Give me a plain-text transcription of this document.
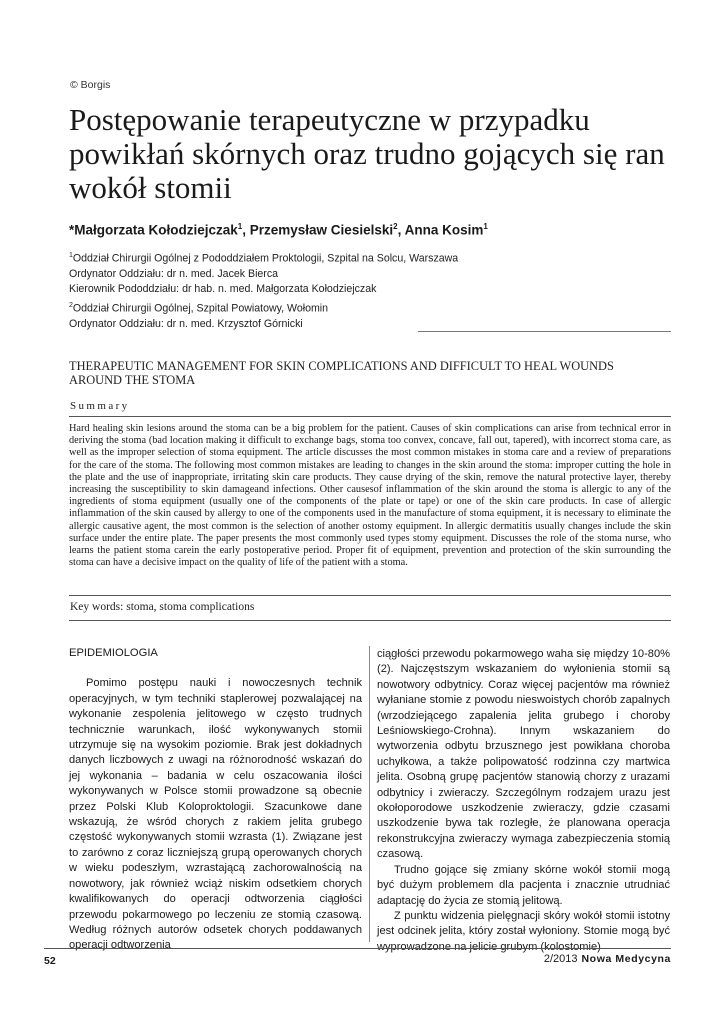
© Borgis
Postępowanie terapeutyczne w przypadku powikłań skórnych oraz trudno gojących się ran wokół stomii
*Małgorzata Kołodziejczak$^1$, Przemysław Ciesielski$^2$, Anna Kosim$^1$
$^1$Oddział Chirurgii Ogólnej z Pododdziałem Proktologii, Szpital na Solcu, Warszawa
Ordynator Oddziału: dr n. med. Jacek Bierca
Kierownik Pododdziału: dr hab. n. med. Małgorzata Kołodziejczak
$^2$Oddział Chirurgii Ogólnej, Szpital Powiatowy, Wołomin
Ordynator Oddziału: dr n. med. Krzysztof Górnicki
THERAPEUTIC MANAGEMENT FOR SKIN COMPLICATIONS AND DIFFICULT TO HEAL WOUNDS AROUND THE STOMA
Summary

Hard healing skin lesions around the stoma can be a big problem for the patient. Causes of skin complications can arise from technical error in deriving the stoma (bad location making it difficult to exchange bags, stoma too convex, concave, fall out, tapered), with incorrect stoma care, as well as the improper selection of stoma equipment. The article discusses the most common mistakes in stoma care and a review of preparations for the care of the stoma. The following most common mistakes are leading to changes in the skin around the stoma: improper cutting the hole in the plate and the use of inappropriate, irritating skin care products. They cause drying of the skin, remove the natural protective layer, thereby increasing the susceptibility to skin damageand infections. Other causesof inflammation of the skin around the stoma is allergic to any of the ingredients of stoma equipment (usually one of the components of the plate or tape) or one of the skin care products. In case of allergic inflammation of the skin caused by allergy to one of the components used in the manufacture of stoma equipment, it is necessary to eliminate the allergic causative agent, the most common is the selection of another ostomy equipment. In allergic dermatitis usually changes include the skin surface under the entire plate. The paper presents the most commonly used types stomy equipment. Discusses the role of the stoma nurse, who learns the patient stoma carein the early postoperative period. Proper fit of equipment, prevention and protection of the skin surrounding the stoma can have a decisive impact on the quality of life of the patient with a stoma.

Key words: stoma, stoma complications
EPIDEMIOLOGIA

Pomimo postępu nauki i nowoczesnych technik operacyjnych, w tym techniki staplerowej pozwalającej na wykonanie zespolenia jelitowego w często trudnych technicznie warunkach, ilość wykonywanych stomii utrzymuje się na wysokim poziomie. Brak jest dokładnych danych liczbowych z uwagi na różnorodność wskazań do jej wykonania – badania w celu oszacowania ilości wykonywanych w Polsce stomii prowadzone są obecnie przez Polski Klub Koloproktologii. Szacunkowe dane wskazują, że wśród chorych z rakiem jelita grubego częstość wykonywanych stomii wzrasta (1). Związane jest to zarówno z coraz liczniejszą grupą operowanych chorych w wieku podeszłym, wzrastającą zachorowalnością na nowotwory, jak również wciąż niskim odsetkiem chorych kwalifikowanych do operacji odtworzenia ciągłości przewodu pokarmowego po leczeniu ze stomią czasową. Według różnych autorów odsetek chorych poddawanych operacji odtworzenia

ciągłości przewodu pokarmowego waha się między 10-80% (2). Najczęstszym wskazaniem do wyłonienia stomii są nowotwory odbytnicy. Coraz więcej pacjentów ma również wyłaniane stomie z powodu nieswoistych chorób zapalnych (wrzodziejącego zapalenia jelita grubego i choroby Leśniowskiego-Crohna). Innym wskazaniem do wytworzenia odbytu brzusznego jest powikłana choroba uchyłkowa, a także polipowatość rodzinna czy martwica jelita. Osobną grupę pacjentów stanowią chorzy z urazami odbytnicy i zwieraczy. Szczególnym rodzajem urazu jest okołoporodowe uszkodzenie zwieraczy, gdzie czasami uszkodzenie bywa tak rozległe, że planowana operacja rekonstrukcyjna zwieraczy wymaga zabezpieczenia stomią czasową.

Trudno gojące się zmiany skórne wokół stomii mogą być dużym problemem dla pacjenta i znacznie utrudniać adaptację do życia ze stomią jelitową.

Z punktu widzenia pielęgnacji skóry wokół stomii istotny jest odcinek jelita, który został wyłoniony. Stomie mogą być wyprowadzone na jelicie grubym (kolostomie)

52	2/2013 Nowa Medycyna
